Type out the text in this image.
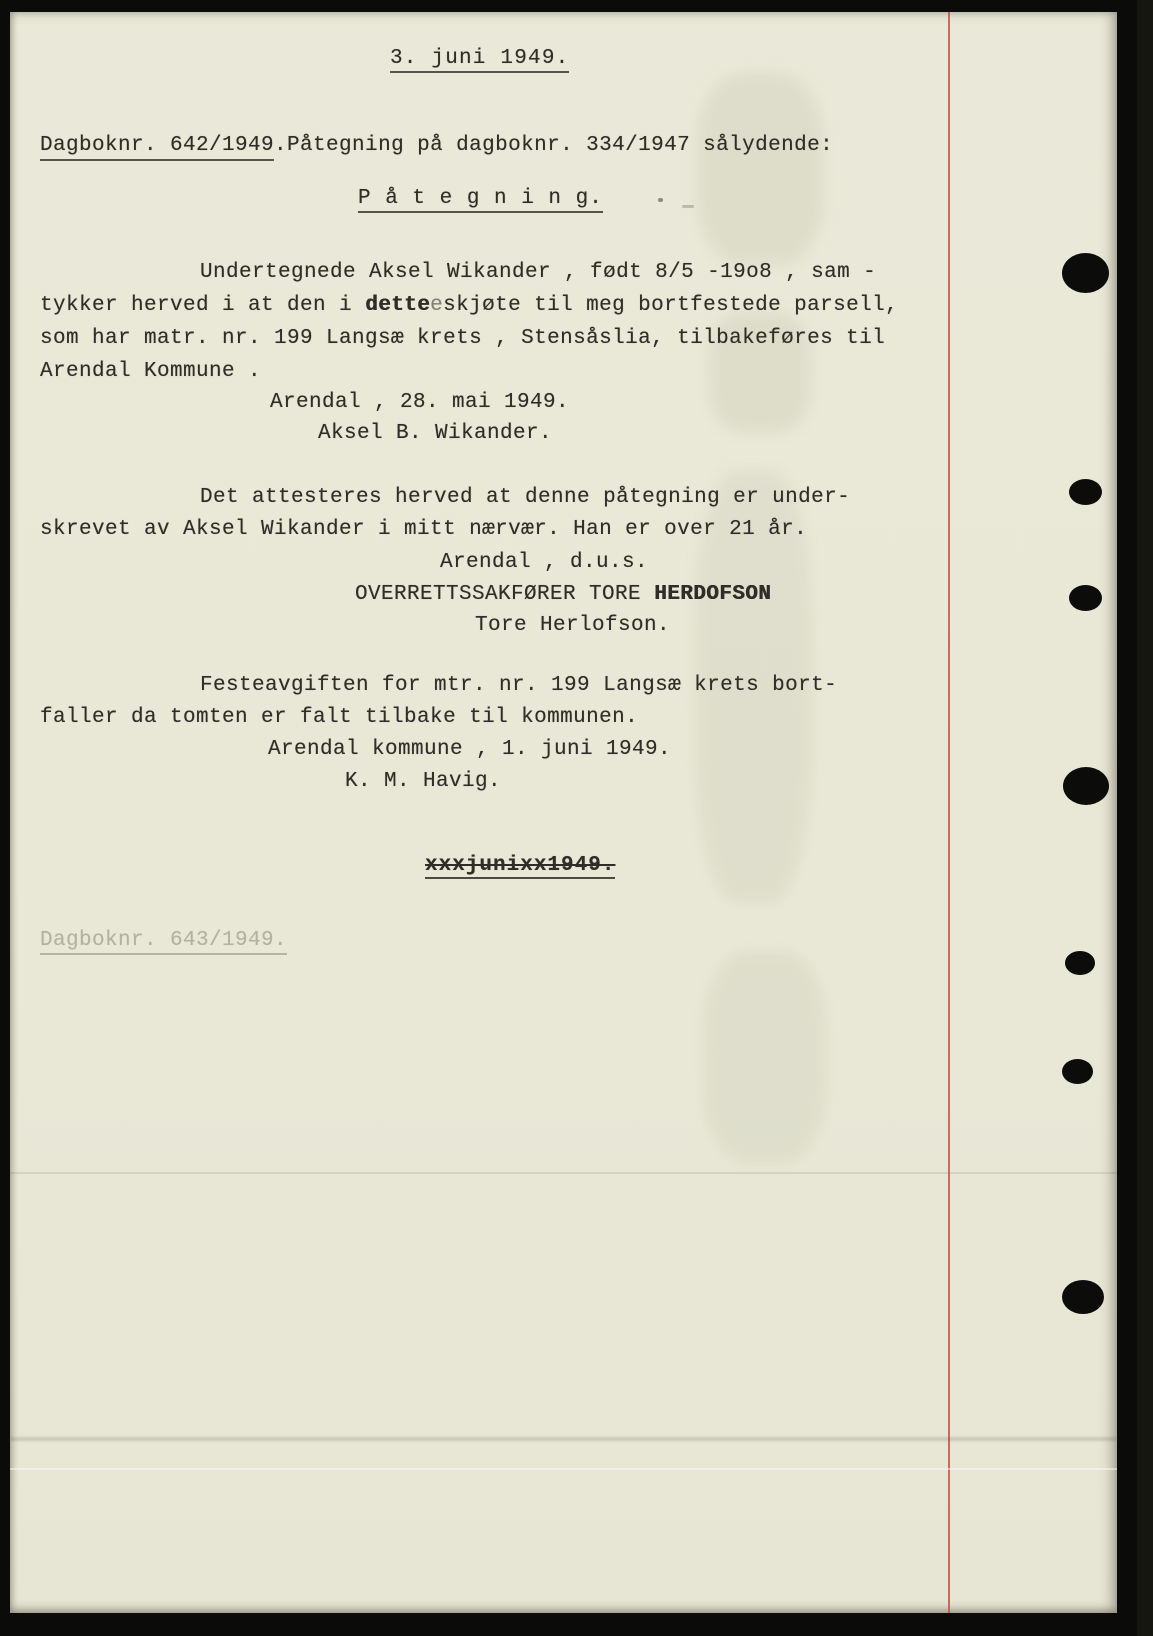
3. juni 1949.
Dagboknr. 642/1949.Påtegning på dagboknr. 334/1947 sålydende:
P å t e g n i n g.
Undertegnede Aksel Wikander , født 8/5 -19o8 , sam -
tykker herved i at den i detteeskjøte til meg bortfestede parsell,
som har matr. nr. 199 Langsæ krets , Stensåslia, tilbakeføres til
Arendal Kommune .
Arendal , 28. mai 1949.
Aksel B. Wikander.
Det attesteres herved at denne påtegning er under-
skrevet av Aksel Wikander i mitt nærvær. Han er over 21 år.
Arendal , d.u.s.
OVERRETTSSAKFØRER TORE HERDOFSON
Tore Herlofson.
Festeavgiften for mtr. nr. 199 Langsæ krets bort-
faller da tomten er falt tilbake til kommunen.
Arendal kommune , 1. juni 1949.
K. M. Havig.
xxxjunixx1949.
Dagboknr. 643/1949.
